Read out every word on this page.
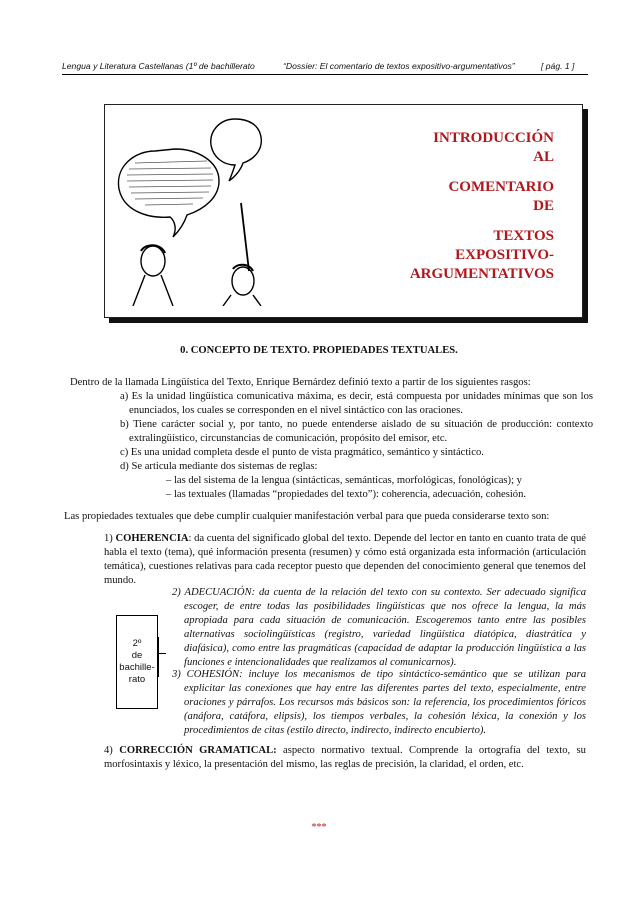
Lengua y Literatura Castellanas (1º de bachillerato	“Dossier: El comentario de textos expositivo-argumentativos”	[ pág. 1 ]
INTRODUCCIÓN
AL
COMENTARIO
DE
TEXTOS
EXPOSITIVO-
ARGUMENTATIVOS
0. CONCEPTO DE TEXTO. PROPIEDADES TEXTUALES.
Dentro de la llamada Lingüística del Texto, Enrique Bernárdez definió texto a partir de los siguientes rasgos:
a) Es la unidad lingüística comunicativa máxima, es decir, está compuesta por unidades mínimas que son los enunciados, los cuales se corresponden en el nivel sintáctico con las oraciones.
b) Tiene carácter social y, por tanto, no puede entenderse aislado de su situación de producción: contexto extralingüístico, circunstancias de comunicación, propósito del emisor, etc.
c) Es una unidad completa desde el punto de vista pragmático, semántico y sintáctico.
d) Se articula mediante dos sistemas de reglas:
– las del sistema de la lengua (sintácticas, semánticas, morfológicas, fonológicas); y
– las textuales (llamadas “propiedades del texto”): coherencia, adecuación, cohesión.
Las propiedades textuales que debe cumplir cualquier manifestación verbal para que pueda considerarse texto son:
1) COHERENCIA: da cuenta del significado global del texto. Depende del lector en tanto en cuanto trata de qué habla el texto (tema), qué información presenta (resumen) y cómo está organizada esta información (articulación temática), cuestiones relativas para cada receptor puesto que dependen del conocimiento general que tenemos del mundo.
2) ADECUACIÓN: da cuenta de la relación del texto con su contexto. Ser adecuado significa escoger, de entre todas las posibilidades lingüísticas que nos ofrece la lengua, la más apropiada para cada situación de comunicación. Escogeremos tanto entre las posibles alternativas sociolingüísticas (registro, variedad lingüística diatópica, diastrática y diafásica), como entre las pragmáticas (capacidad de adaptar la producción lingüística a las funciones e intencionalidades que realizamos al comunicarnos).
3) COHESIÓN: incluye los mecanismos de tipo sintáctico-semántico que se utilizan para explicitar las conexiones que hay entre las diferentes partes del texto, especialmente, entre oraciones y párrafos. Los recursos más básicos son: la referencia, los procedimientos fóricos (anáfora, catáfora, elipsis), los tiempos verbales, la cohesión léxica, la conexión y los procedimientos de citas (estilo directo, indirecto, indirecto encubierto).
2º
de
bachille-
rato
4) CORRECCIÓN GRAMATICAL: aspecto normativo textual. Comprende la ortografía del texto, su morfosintaxis y léxico, la presentación del mismo, las reglas de precisión, la claridad, el orden, etc.
***
